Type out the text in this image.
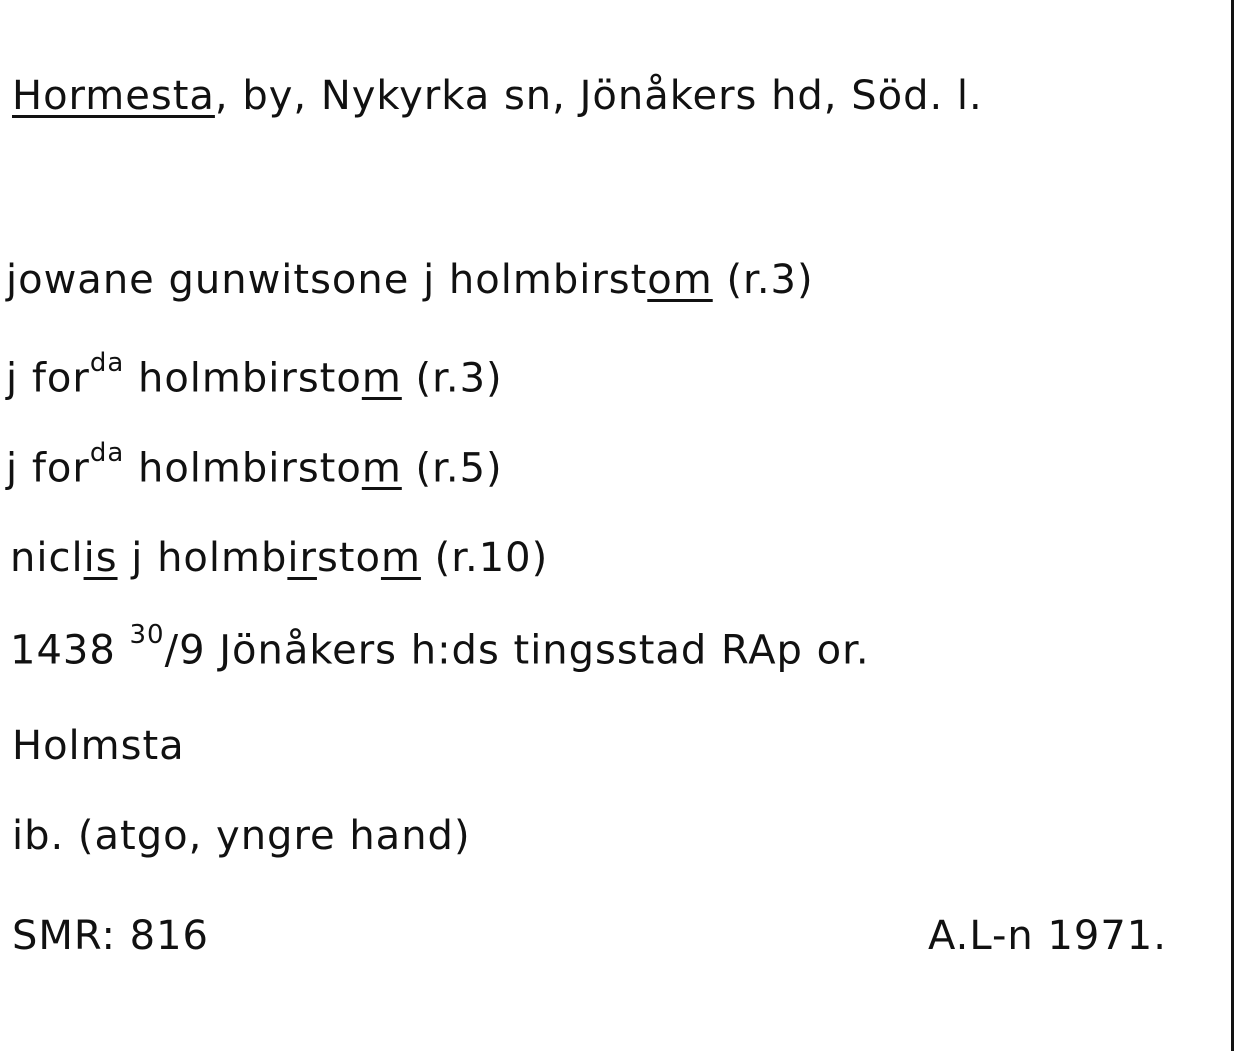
Hormesta, by, Nykyrka sn, Jönåkers hd, Söd. l.
jowane gunwitsone j holmbirstom (r.3)
j for$^{da}$ holmbirstom (r.3)
j for$^{da}$ holmbirstom (r.5)
niclis j holmbirstom (r.10)
1438 $^{30}$/9 Jönåkers h:ds tingsstad RAp or.
Holmsta
ib. (atgo, yngre hand)
SMR: 816	A.L-n 1971.
